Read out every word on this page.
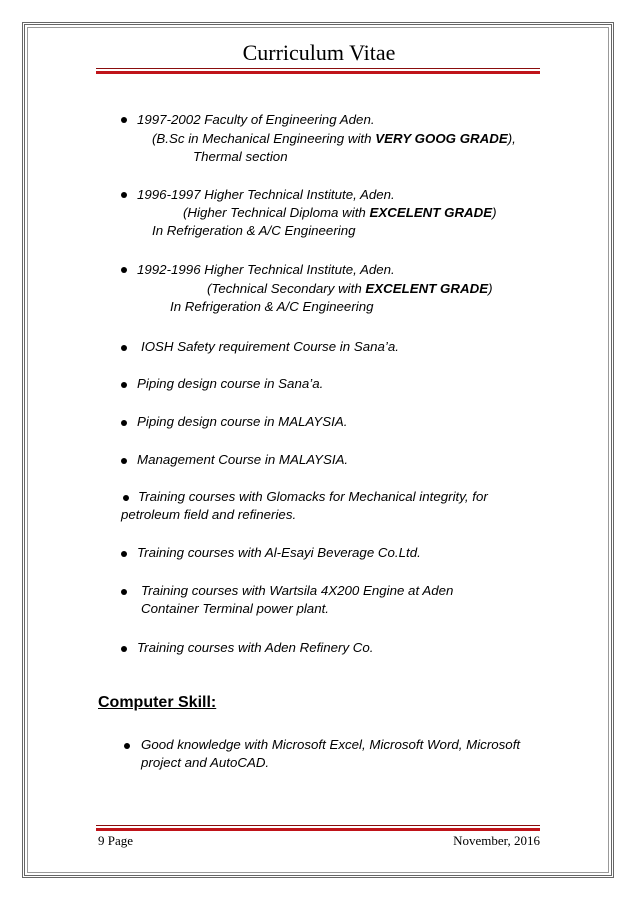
Curriculum Vitae
1997-2002 Faculty of Engineering Aden.
(B.Sc in Mechanical Engineering with VERY GOOG GRADE),
Thermal section
1996-1997 Higher Technical Institute, Aden.
(Higher Technical Diploma with EXCELENT GRADE)
In Refrigeration & A/C Engineering
1992-1996 Higher Technical Institute, Aden.
(Technical Secondary with EXCELENT GRADE)
In Refrigeration & A/C Engineering
IOSH Safety requirement Course in Sana’a.
Piping design course in Sana’a.
Piping design course in MALAYSIA.
Management Course in MALAYSIA.
Training courses with Glomacks for Mechanical integrity, for
petroleum field and refineries.
Training courses with Al-Esayi Beverage Co.Ltd.
Training courses with Wartsila 4X200 Engine at Aden
Container Terminal power plant.
Training courses with Aden Refinery Co.
Computer Skill:
Good knowledge with Microsoft Excel, Microsoft Word, Microsoft
project and AutoCAD.
9 Page	November, 2016
